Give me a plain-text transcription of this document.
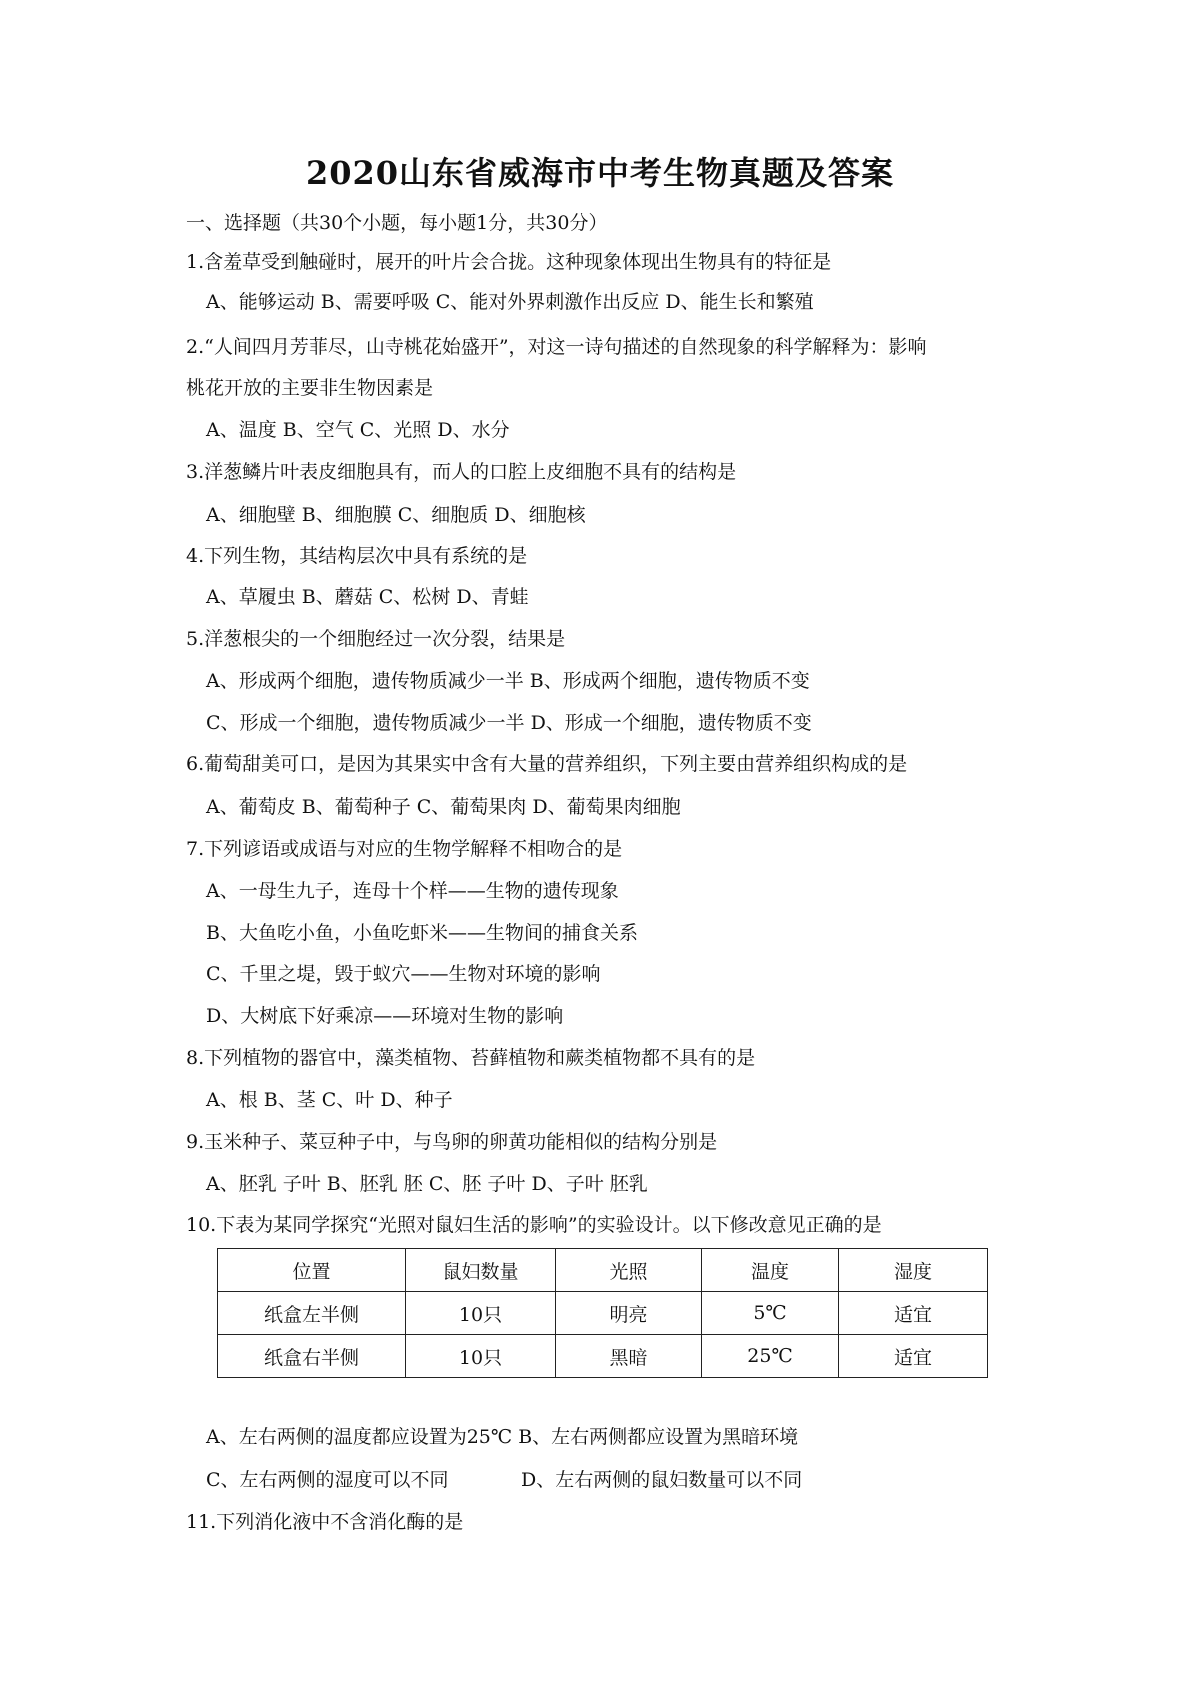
2020山东省威海市中考生物真题及答案
一、选择题（共30个小题，每小题1分，共30分）
1.含羞草受到触碰时，展开的叶片会合拢。这种现象体现出生物具有的特征是
A、能够运动 B、需要呼吸 C、能对外界刺激作出反应 D、能生长和繁殖
2.“人间四月芳菲尽，山寺桃花始盛开”，对这一诗句描述的自然现象的科学解释为：影响
桃花开放的主要非生物因素是
A、温度 B、空气 C、光照 D、水分
3.洋葱鳞片叶表皮细胞具有，而人的口腔上皮细胞不具有的结构是
A、细胞壁 B、细胞膜 C、细胞质 D、细胞核
4.下列生物，其结构层次中具有系统的是
A、草履虫 B、蘑菇 C、松树 D、青蛙
5.洋葱根尖的一个细胞经过一次分裂，结果是
A、形成两个细胞，遗传物质减少一半 B、形成两个细胞，遗传物质不变
C、形成一个细胞，遗传物质减少一半 D、形成一个细胞，遗传物质不变
6.葡萄甜美可口，是因为其果实中含有大量的营养组织，下列主要由营养组织构成的是
A、葡萄皮 B、葡萄种子 C、葡萄果肉 D、葡萄果肉细胞
7.下列谚语或成语与对应的生物学解释不相吻合的是
A、一母生九子，连母十个样——生物的遗传现象
B、大鱼吃小鱼，小鱼吃虾米——生物间的捕食关系
C、千里之堤，毁于蚁穴——生物对环境的影响
D、大树底下好乘凉——环境对生物的影响
8.下列植物的器官中，藻类植物、苔藓植物和蕨类植物都不具有的是
A、根 B、茎 C、叶 D、种子
9.玉米种子、菜豆种子中，与鸟卵的卵黄功能相似的结构分别是
A、胚乳 子叶 B、胚乳 胚 C、胚 子叶 D、子叶 胚乳
10.下表为某同学探究“光照对鼠妇生活的影响”的实验设计。以下修改意见正确的是
位置	鼠妇数量	光照	温度	湿度
纸盒左半侧	10只	明亮	5℃	适宜
纸盒右半侧	10只	黑暗	25℃	适宜
A、左右两侧的温度都应设置为25℃ B、左右两侧都应设置为黑暗环境
C、左右两侧的湿度可以不同            D、左右两侧的鼠妇数量可以不同
11.下列消化液中不含消化酶的是
